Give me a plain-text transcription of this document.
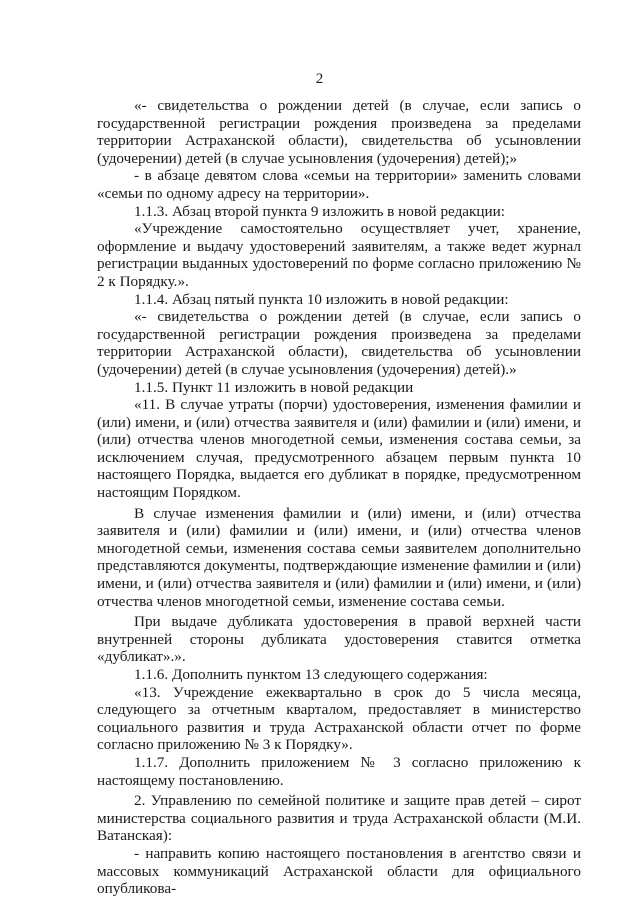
2

«- свидетельства о рождении детей (в случае, если запись о государственной регистрации рождения произведена за пределами территории Астраханской области), свидетельства об усыновлении (удочерении) детей (в случае усыновления (удочерения) детей);»

- в абзаце девятом слова «семьи на территории» заменить словами «семьи по одному адресу на территории».

1.1.3. Абзац второй пункта 9 изложить в новой редакции:

«Учреждение самостоятельно осуществляет учет, хранение, оформление и выдачу удостоверений заявителям, а также ведет журнал регистрации выданных удостоверений по форме согласно приложению № 2 к Порядку.».

1.1.4. Абзац пятый пункта 10 изложить в новой редакции:

«- свидетельства о рождении детей (в случае, если запись о государственной регистрации рождения произведена за пределами территории Астраханской области), свидетельства об усыновлении (удочерении) детей (в случае усыновления (удочерения) детей).»

1.1.5. Пункт 11 изложить в новой редакции

«11. В случае утраты (порчи) удостоверения, изменения фамилии и (или) имени, и (или) отчества заявителя и (или) фамилии и (или) имени, и (или) отчества членов многодетной семьи, изменения состава семьи, за исключением случая, предусмотренного абзацем первым пункта 10 настоящего Порядка, выдается его дубликат в порядке, предусмотренном настоящим Порядком.

В случае изменения фамилии и (или) имени, и (или) отчества заявителя и (или) фамилии и (или) имени, и (или) отчества членов многодетной семьи, изменения состава семьи заявителем дополнительно представляются документы, подтверждающие изменение фамилии и (или) имени, и (или) отчества заявителя и (или) фамилии и (или) имени, и (или) отчества членов многодетной семьи, изменение состава семьи.

При выдаче дубликата удостоверения в правой верхней части внутренней стороны дубликата удостоверения ставится отметка «дубликат».».

1.1.6. Дополнить пунктом 13 следующего содержания:

«13. Учреждение ежеквартально в срок до 5 числа месяца, следующего за отчетным кварталом, предоставляет в министерство социального развития и труда Астраханской области отчет по форме согласно приложению № 3 к Порядку».

1.1.7. Дополнить приложением № 3 согласно приложению к настоящему постановлению.

2. Управлению по семейной политике и защите прав детей – сирот министерства социального развития и труда Астраханской области (М.И. Ватанская):

- направить копию настоящего постановления в агентство связи и массовых коммуникаций Астраханской области для официального опубликова-
